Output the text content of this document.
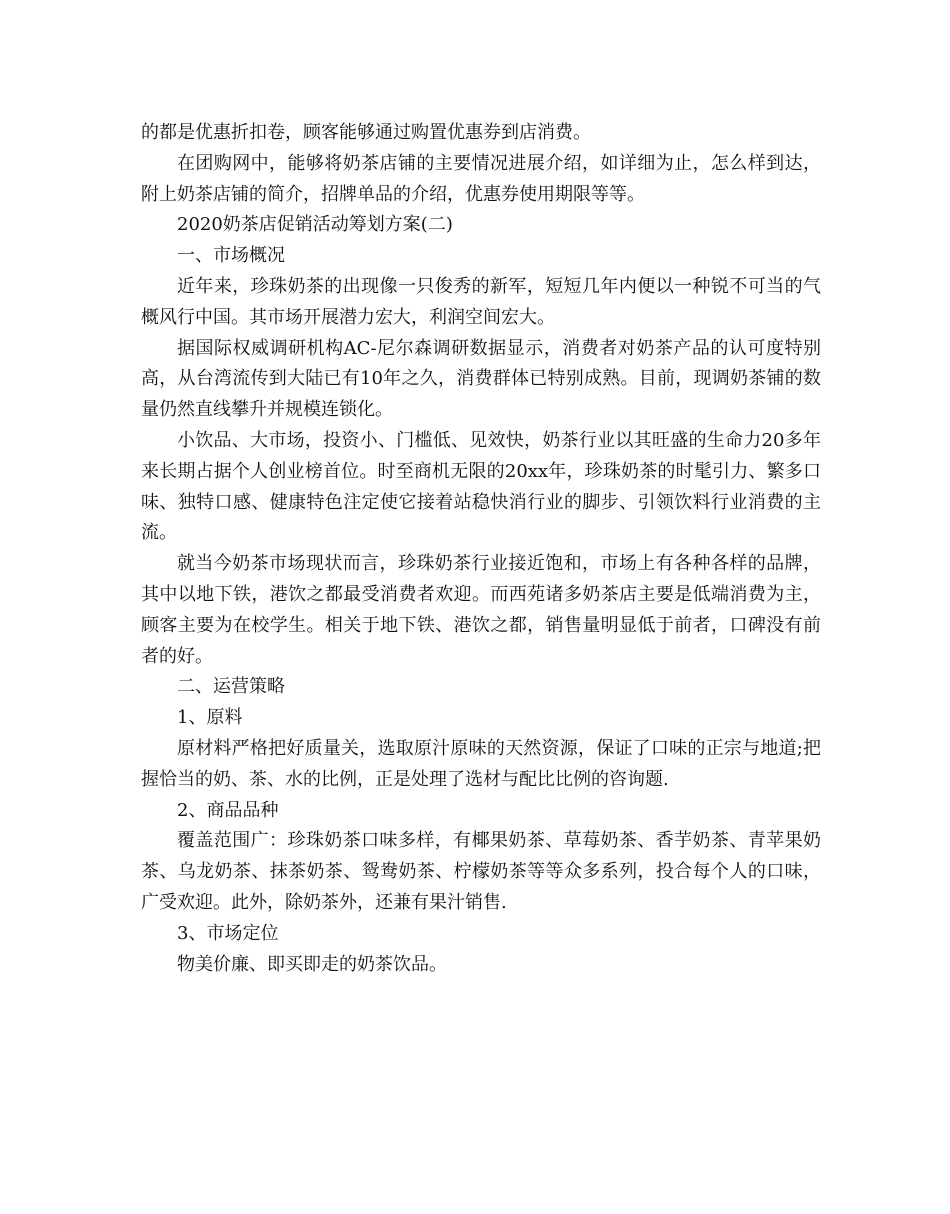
的都是优惠折扣卷，顾客能够通过购置优惠券到店消费。

在团购网中，能够将奶茶店铺的主要情况进展介绍，如详细为止，怎么样到达，附上奶茶店铺的简介，招牌单品的介绍，优惠券使用期限等等。

2020奶茶店促销活动筹划方案(二)

一、市场概况

近年来，珍珠奶茶的出现像一只俊秀的新军，短短几年内便以一种锐不可当的气概风行中国。其市场开展潜力宏大，利润空间宏大。

据国际权威调研机构AC-尼尔森调研数据显示，消费者对奶茶产品的认可度特别高，从台湾流传到大陆已有10年之久，消费群体已特别成熟。目前，现调奶茶铺的数量仍然直线攀升并规模连锁化。

小饮品、大市场，投资小、门槛低、见效快，奶茶行业以其旺盛的生命力20多年来长期占据个人创业榜首位。时至商机无限的20xx年，珍珠奶茶的时髦引力、繁多口味、独特口感、健康特色注定使它接着站稳快消行业的脚步、引领饮料行业消费的主流。

就当今奶茶市场现状而言，珍珠奶茶行业接近饱和，市场上有各种各样的品牌，其中以地下铁，港饮之都最受消费者欢迎。而西苑诸多奶茶店主要是低端消费为主，顾客主要为在校学生。相关于地下铁、港饮之都，销售量明显低于前者，口碑没有前者的好。

二、运营策略

1、原料

原材料严格把好质量关，选取原汁原味的天然资源，保证了口味的正宗与地道;把握恰当的奶、茶、水的比例，正是处理了选材与配比比例的咨询题.

2、商品品种

覆盖范围广：珍珠奶茶口味多样，有椰果奶茶、草莓奶茶、香芋奶茶、青苹果奶茶、乌龙奶茶、抹茶奶茶、鸳鸯奶茶、柠檬奶茶等等众多系列，投合每个人的口味，广受欢迎。此外，除奶茶外，还兼有果汁销售.

3、市场定位

物美价廉、即买即走的奶茶饮品。
